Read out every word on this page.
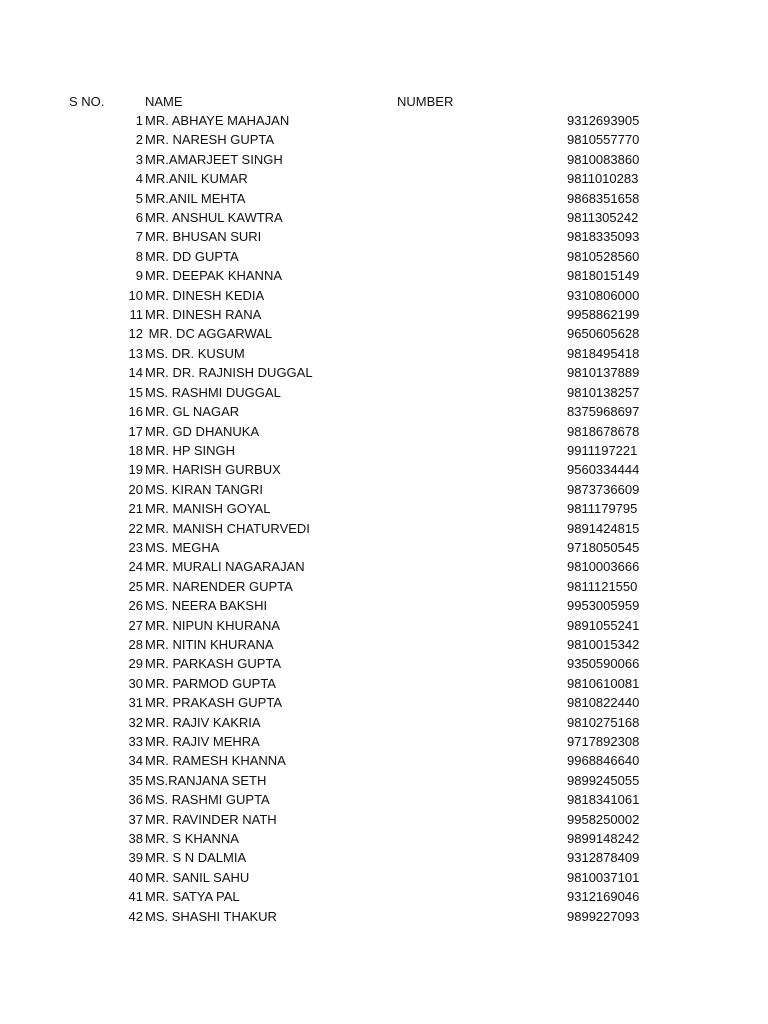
S NO.	NAME	NUMBER
1 MR. ABHAYE MAHAJAN	9312693905
2 MR. NARESH GUPTA	9810557770
3 MR.AMARJEET SINGH	9810083860
4 MR.ANIL KUMAR	9811010283
5 MR.ANIL MEHTA	9868351658
6 MR. ANSHUL KAWTRA	9811305242
7 MR. BHUSAN SURI	9818335093
8 MR. DD GUPTA	9810528560
9 MR. DEEPAK KHANNA	9818015149
10 MR. DINESH KEDIA	9310806000
11 MR. DINESH RANA	9958862199
12 MR. DC AGGARWAL	9650605628
13 MS. DR. KUSUM	9818495418
14 MR. DR. RAJNISH DUGGAL	9810137889
15 MS. RASHMI DUGGAL	9810138257
16 MR. GL NAGAR	8375968697
17 MR. GD DHANUKA	9818678678
18 MR. HP SINGH	9911197221
19 MR. HARISH GURBUX	9560334444
20 MS. KIRAN TANGRI	9873736609
21 MR. MANISH GOYAL	9811179795
22 MR. MANISH CHATURVEDI	9891424815
23 MS. MEGHA	9718050545
24 MR. MURALI NAGARAJAN	9810003666
25 MR. NARENDER GUPTA	9811121550
26 MS. NEERA BAKSHI	9953005959
27 MR. NIPUN KHURANA	9891055241
28 MR. NITIN KHURANA	9810015342
29 MR. PARKASH GUPTA	9350590066
30 MR. PARMOD GUPTA	9810610081
31 MR. PRAKASH GUPTA	9810822440
32 MR. RAJIV KAKRIA	9810275168
33 MR. RAJIV MEHRA	9717892308
34 MR. RAMESH KHANNA	9968846640
35 MS.RANJANA SETH	9899245055
36 MS. RASHMI GUPTA	9818341061
37 MR. RAVINDER NATH	9958250002
38 MR. S KHANNA	9899148242
39 MR. S N DALMIA	9312878409
40 MR. SANIL SAHU	9810037101
41 MR. SATYA PAL	9312169046
42 MS. SHASHI THAKUR	9899227093
